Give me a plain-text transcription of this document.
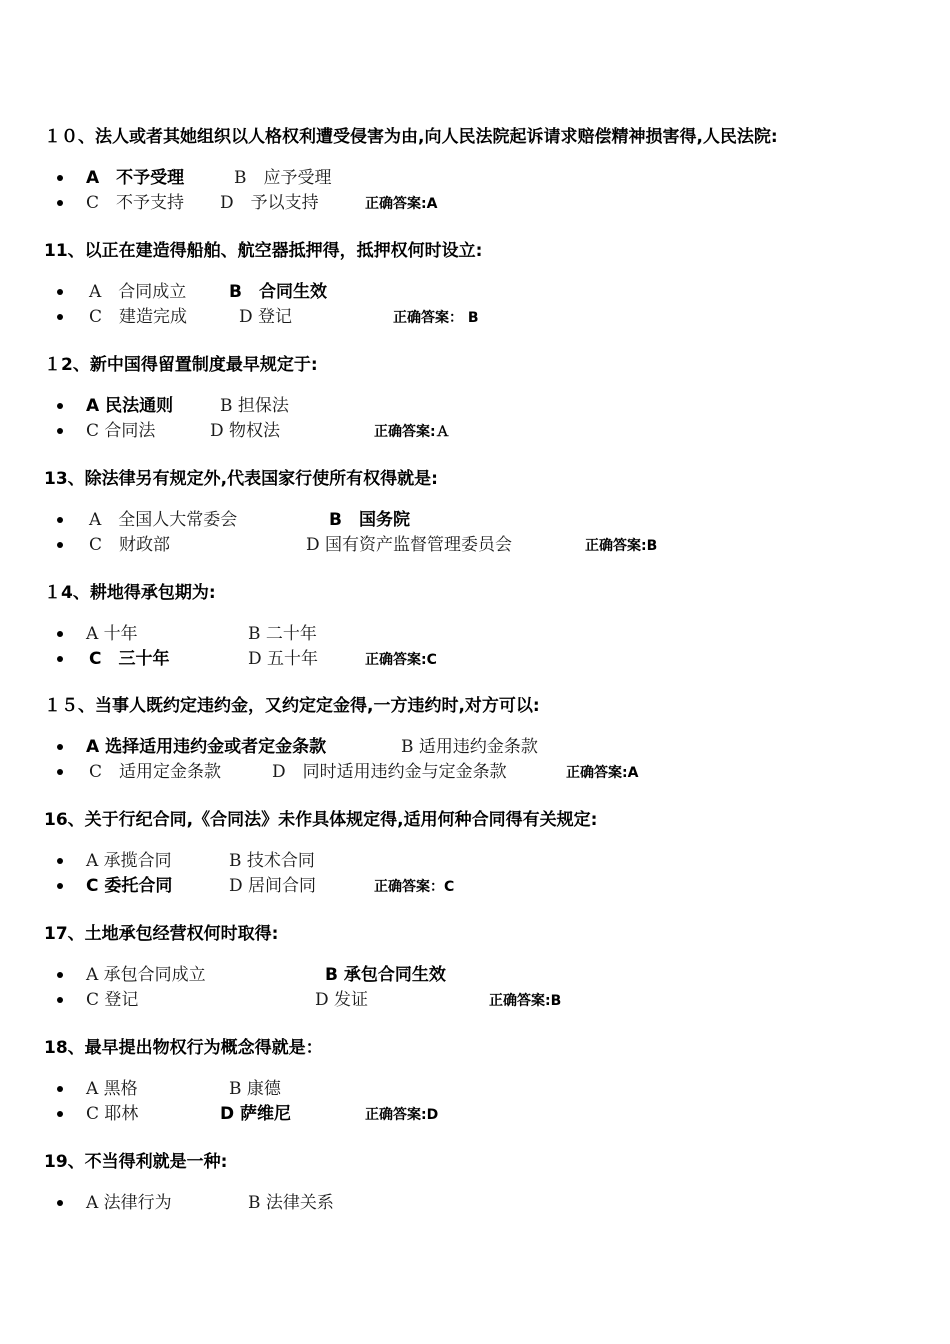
１０、法人或者其她组织以人格权利遭受侵害为由,向人民法院起诉请求赔偿精神损害得,人民法院:
A　不予受理	B　应予受理
C　不予支持 D　予以支持	正确答案:A
11、以正在建造得船舶、航空器抵押得，抵押权何时设立:
A　合同成立	B　合同生效
C　建造完成	D 登记	正确答案： B
１2、新中国得留置制度最早规定于:
A 民法通则	B 担保法
C 合同法	D 物权法	正确答案:Ａ
13、除法律另有规定外,代表国家行使所有权得就是:
A　全国人大常委会	B　国务院
C　财政部	D 国有资产监督管理委员会	正确答案:B
１4、耕地得承包期为:
A 十年	B 二十年
C　三十年	D 五十年	正确答案:C
１５、当事人既约定违约金，又约定定金得,一方违约时,对方可以:
A 选择适用违约金或者定金条款	B 适用违约金条款
C　适用定金条款	D　同时适用违约金与定金条款	正确答案:A
16、关于行纪合同,《合同法》未作具体规定得,适用何种合同得有关规定:
A 承揽合同	B 技术合同
C 委托合同	D 居间合同	正确答案：C
17、土地承包经营权何时取得:
A 承包合同成立	B 承包合同生效
C 登记	D 发证	正确答案:B
18、最早提出物权行为概念得就是：
A 黑格	B 康德
C 耶林	D 萨维尼	正确答案:D
19、不当得利就是一种:
A 法律行为	B 法律关系
